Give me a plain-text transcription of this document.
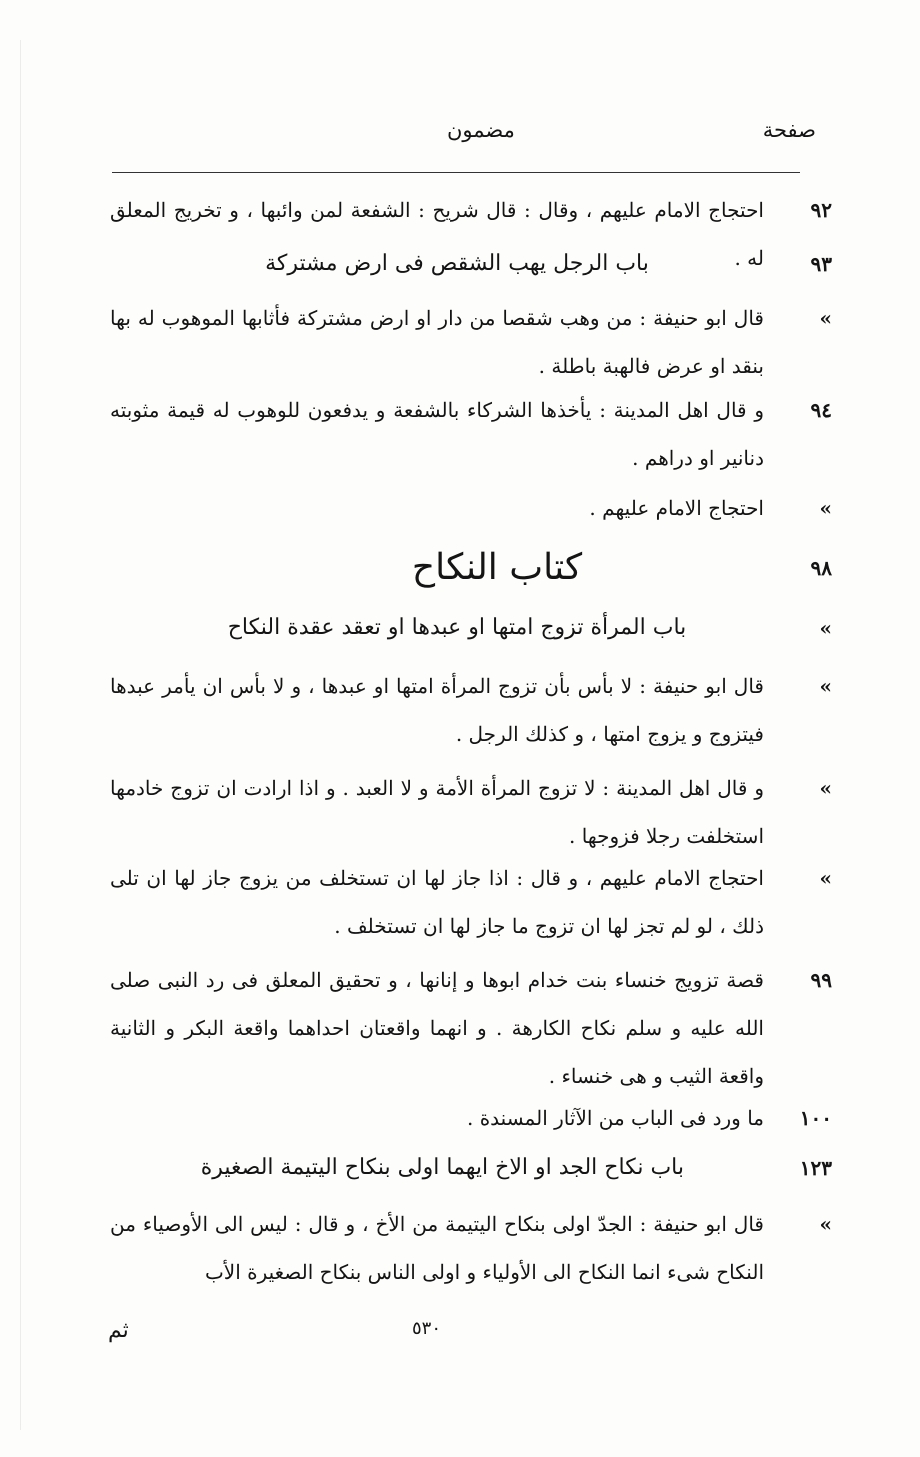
صفحة
مضمون
٩٢
احتجاج الامام عليهم ، وقال : قال شريح : الشفعة لمن وائبها ، و تخريج المعلق له .	٩٣
باب الرجل يهب الشقص فى ارض مشتركة
»
قال ابو حنيفة : من وهب شقصا من دار او ارض مشتركة فأثابها الموهوب له بها بنقد او عرض فالهبة باطلة .
٩٤
و قال اهل المدينة : يأخذها الشركاء بالشفعة و يدفعون للوهوب له قيمة مثوبته دنانير او دراهم .
»
احتجاج الامام عليهم .
٩٨
كتاب النكاح
»
باب المرأة تزوج امتها او عبدها او تعقد عقدة النكاح
»
قال ابو حنيفة : لا بأس بأن تزوج المرأة امتها او عبدها ، و لا بأس ان يأمر عبدها فيتزوج و يزوج امتها ، و كذلك الرجل .
»
و قال اهل المدينة : لا تزوج المرأة الأمة و لا العبد . و اذا ارادت ان تزوج خادمها استخلفت رجلا فزوجها .
»
احتجاج الامام عليهم ، و قال : اذا جاز لها ان تستخلف من يزوج جاز لها ان تلى ذلك ، لو لم تجز لها ان تزوج ما جاز لها ان تستخلف .
٩٩
قصة تزويج خنساء بنت خدام ابوها و إنانها ، و تحقيق المعلق فى رد النبى صلى الله عليه و سلم نكاح الكارهة . و انهما واقعتان احداهما واقعة البكر و الثانية واقعة الثيب و هى خنساء .
١٠٠
ما ورد فى الباب من الآثار المسندة .
١٢٣
باب نكاح الجد او الاخ ايهما اولى بنكاح اليتيمة الصغيرة
»
قال ابو حنيفة : الجدّ اولى بنكاح اليتيمة من الأخ ، و قال : ليس الى الأوصياء من النكاح شىء انما النكاح الى الأولياء و اولى الناس بنكاح الصغيرة الأب
٥٣٠
ثم
